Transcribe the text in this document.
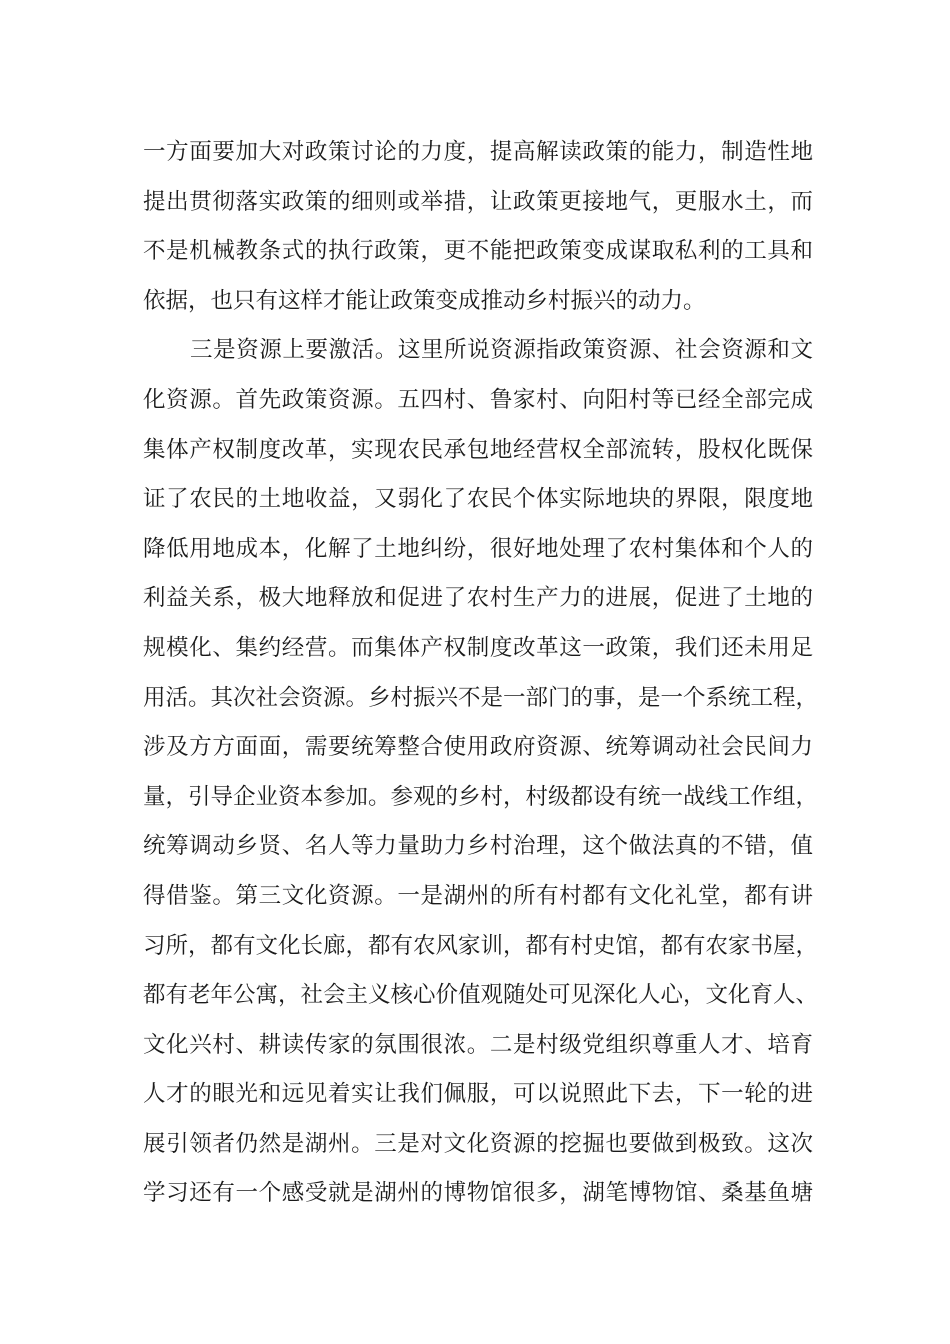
一方面要加大对政策讨论的力度，提高解读政策的能力，制造性地
提出贯彻落实政策的细则或举措，让政策更接地气，更服水土，而
不是机械教条式的执行政策，更不能把政策变成谋取私利的工具和
依据，也只有这样才能让政策变成推动乡村振兴的动力。
三是资源上要激活。这里所说资源指政策资源、社会资源和文
化资源。首先政策资源。五四村、鲁家村、向阳村等已经全部完成
集体产权制度改革，实现农民承包地经营权全部流转，股权化既保
证了农民的土地收益，又弱化了农民个体实际地块的界限，限度地
降低用地成本，化解了土地纠纷，很好地处理了农村集体和个人的
利益关系，极大地释放和促进了农村生产力的进展，促进了土地的
规模化、集约经营。而集体产权制度改革这一政策，我们还未用足
用活。其次社会资源。乡村振兴不是一部门的事，是一个系统工程，
涉及方方面面，需要统筹整合使用政府资源、统筹调动社会民间力
量，引导企业资本参加。参观的乡村，村级都设有统一战线工作组，
统筹调动乡贤、名人等力量助力乡村治理，这个做法真的不错，值
得借鉴。第三文化资源。一是湖州的所有村都有文化礼堂，都有讲
习所，都有文化长廊，都有农风家训，都有村史馆，都有农家书屋，
都有老年公寓，社会主义核心价值观随处可见深化人心，文化育人、
文化兴村、耕读传家的氛围很浓。二是村级党组织尊重人才、培育
人才的眼光和远见着实让我们佩服，可以说照此下去，下一轮的进
展引领者仍然是湖州。三是对文化资源的挖掘也要做到极致。这次
学习还有一个感受就是湖州的博物馆很多，湖笔博物馆、桑基鱼塘
